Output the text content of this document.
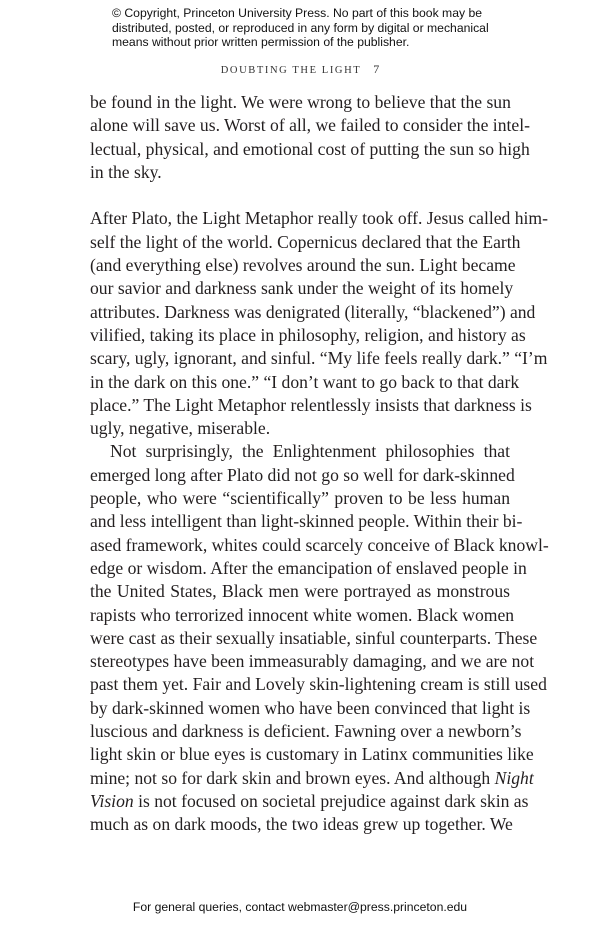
© Copyright, Princeton University Press. No part of this book may be
distributed, posted, or reproduced in any form by digital or mechanical
means without prior written permission of the publisher.
DOUBTING THE LIGHT 7
be found in the light. We were wrong to believe that the sun
alone will save us. Worst of all, we failed to consider the intel-
lectual, physical, and emotional cost of putting the sun so high
in the sky.
After Plato, the Light Metaphor really took off. Jesus called him-
self the light of the world. Copernicus declared that the Earth
(and everything else) revolves around the sun. Light became
our savior and darkness sank under the weight of its homely
attributes. Darkness was denigrated (literally, “blackened”) and
vilified, taking its place in philosophy, religion, and history as
scary, ugly, ignorant, and sinful. “My life feels really dark.” “I’m
in the dark on this one.” “I don’t want to go back to that dark
place.” The Light Metaphor relentlessly insists that darkness is
ugly, negative, miserable.
Not surprisingly, the Enlightenment philosophies that
emerged long after Plato did not go so well for dark-skinned
people, who were “scientifically” proven to be less human
and less intelligent than light-skinned people. Within their bi-
ased framework, whites could scarcely conceive of Black knowl-
edge or wisdom. After the emancipation of enslaved people in
the United States, Black men were portrayed as monstrous
rapists who terrorized innocent white women. Black women
were cast as their sexually insatiable, sinful counterparts. These
stereotypes have been immeasurably damaging, and we are not
past them yet. Fair and Lovely skin-lightening cream is still used
by dark-skinned women who have been convinced that light is
luscious and darkness is deficient. Fawning over a newborn’s
light skin or blue eyes is customary in Latinx communities like
mine; not so for dark skin and brown eyes. And although Night
Vision is not focused on societal prejudice against dark skin as
much as on dark moods, the two ideas grew up together. We
For general queries, contact webmaster@press.princeton.edu
